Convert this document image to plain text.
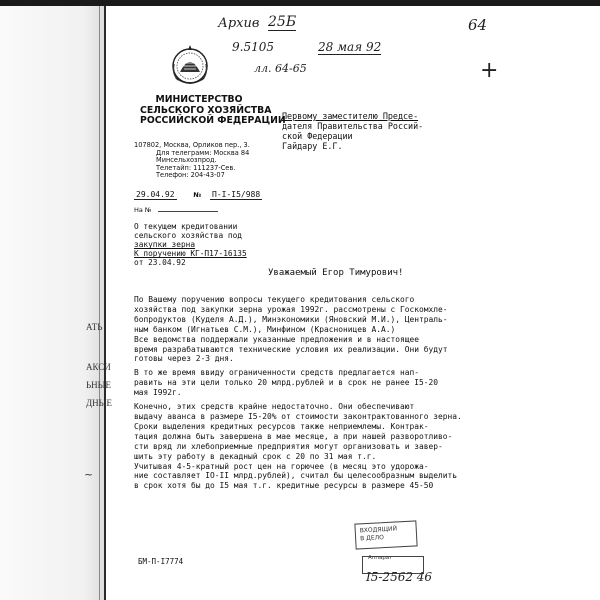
АТЬ
АКСИ
ЬНЫЕ
ДНЫЕ
~
Архив 25Б	64
9.5105	28 мая 92
лл. 64-65	+
МИНИСТЕРСТВО
СЕЛЬСКОГО ХОЗЯЙСТВА
РОССИЙСКОЙ ФЕДЕРАЦИИ
107802, Москва, Орликов пер., 3.
Для телеграмм: Москва 84
Минсельхозпрод.
Телетайп: 111237-Сев.
Телефон: 204-43-07
Первому заместителю Предсе-
дателя Правительства Россий-
ской Федерации
Гайдару Е.Г.
29.04.92	№ П-I-I5/988
На №
О текущем кредитовании
сельского хозяйства под
закупки зерна
К поручению КГ-П17-16135
от 23.04.92
Уважаемый Егор Тимурович!
По Вашему поручению вопросы текущего кредитования сельского
хозяйства под закупки зерна урожая 1992г. рассмотрены с Госкомхле-
бопродуктов (Куделя А.Д.), Минэкономики (Яновский М.И.), Централь-
ным банком (Игнатьев С.М.), Минфином (Красноницев А.А.)
Все ведомства поддержали указанные предложения и в настоящее
время разрабатываются технические условия их реализации. Они будут
готовы через 2-3 дня.
В то же время ввиду ограниченности средств предлагается нап-
равить на эти цели только 20 млрд.рублей и в срок не ранее I5-20
мая I992г.
Конечно, этих средств крайне недостаточно. Они обеспечивают
выдачу аванса в размере I5-20% от стоимости законтрактованного зерна.
Сроки выделения кредитных ресурсов также неприемлемы. Контрак-
тация должна быть завершена в мае месяце, а при нашей разворотливо-
сти вряд ли хлебоприемные предприятия могут организовать и завер-
шить эту работу в декадный срок с 20 по 31 мая т.г.
Учитывая 4-5-кратный рост цен на горючее (в месяц это удорожа-
ние составляет IO-II млрд.рублей), считал бы целесообразным выделить
в срок хотя бы до I5 мая т.г. кредитные ресурсы в размере 45-50
БМ-П-I7774
ВХОДЯЩИЙ
В ДЕЛО
Аппарат
I5-2562 46
